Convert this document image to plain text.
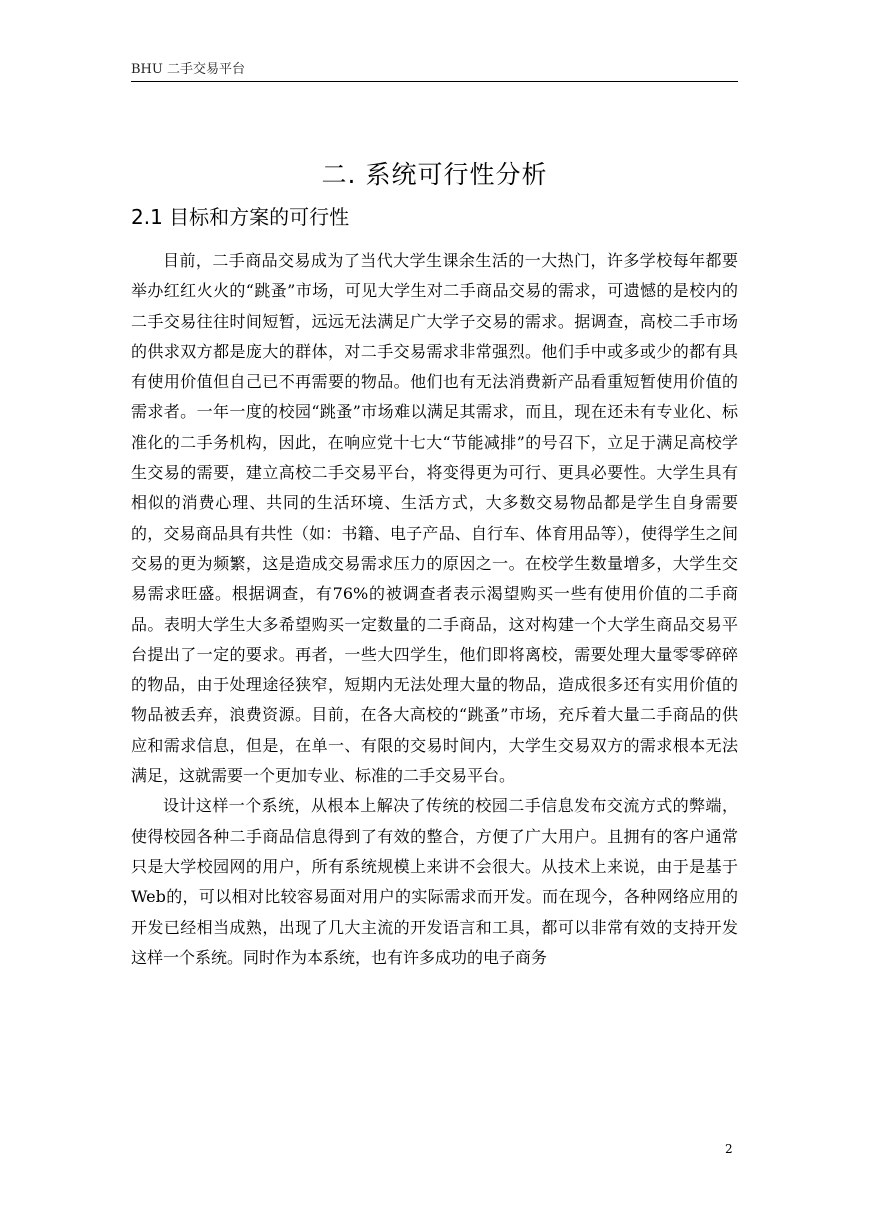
BHU 二手交易平台
二. 系统可行性分析
2.1 目标和方案的可行性

目前，二手商品交易成为了当代大学生课余生活的一大热门，许多学校每年都要举办红红火火的“跳蚤”市场，可见大学生对二手商品交易的需求，可遗憾的是校内的二手交易往往时间短暂，远远无法满足广大学子交易的需求。据调查，高校二手市场的供求双方都是庞大的群体，对二手交易需求非常强烈。他们手中或多或少的都有具有使用价值但自己已不再需要的物品。他们也有无法消费新产品看重短暂使用价值的需求者。一年一度的校园“跳蚤”市场难以满足其需求，而且，现在还未有专业化、标准化的二手务机构，因此，在响应党十七大“节能减排”的号召下，立足于满足高校学生交易的需要，建立高校二手交易平台，将变得更为可行、更具必要性。大学生具有相似的消费心理、共同的生活环境、生活方式，大多数交易物品都是学生自身需要的，交易商品具有共性（如：书籍、电子产品、自行车、体育用品等），使得学生之间交易的更为频繁，这是造成交易需求压力的原因之一。在校学生数量增多，大学生交易需求旺盛。根据调查，有76%的被调查者表示渴望购买一些有使用价值的二手商品。表明大学生大多希望购买一定数量的二手商品，这对构建一个大学生商品交易平台提出了一定的要求。再者，一些大四学生，他们即将离校，需要处理大量零零碎碎的物品，由于处理途径狭窄，短期内无法处理大量的物品，造成很多还有实用价值的物品被丢弃，浪费资源。目前，在各大高校的“跳蚤”市场，充斥着大量二手商品的供应和需求信息，但是，在单一、有限的交易时间内，大学生交易双方的需求根本无法满足，这就需要一个更加专业、标准的二手交易平台。

设计这样一个系统，从根本上解决了传统的校园二手信息发布交流方式的弊端，使得校园各种二手商品信息得到了有效的整合，方便了广大用户。且拥有的客户通常只是大学校园网的用户，所有系统规模上来讲不会很大。从技术上来说，由于是基于Web的，可以相对比较容易面对用户的实际需求而开发。而在现今，各种网络应用的开发已经相当成熟，出现了几大主流的开发语言和工具，都可以非常有效的支持开发这样一个系统。同时作为本系统，也有许多成功的电子商务

2
